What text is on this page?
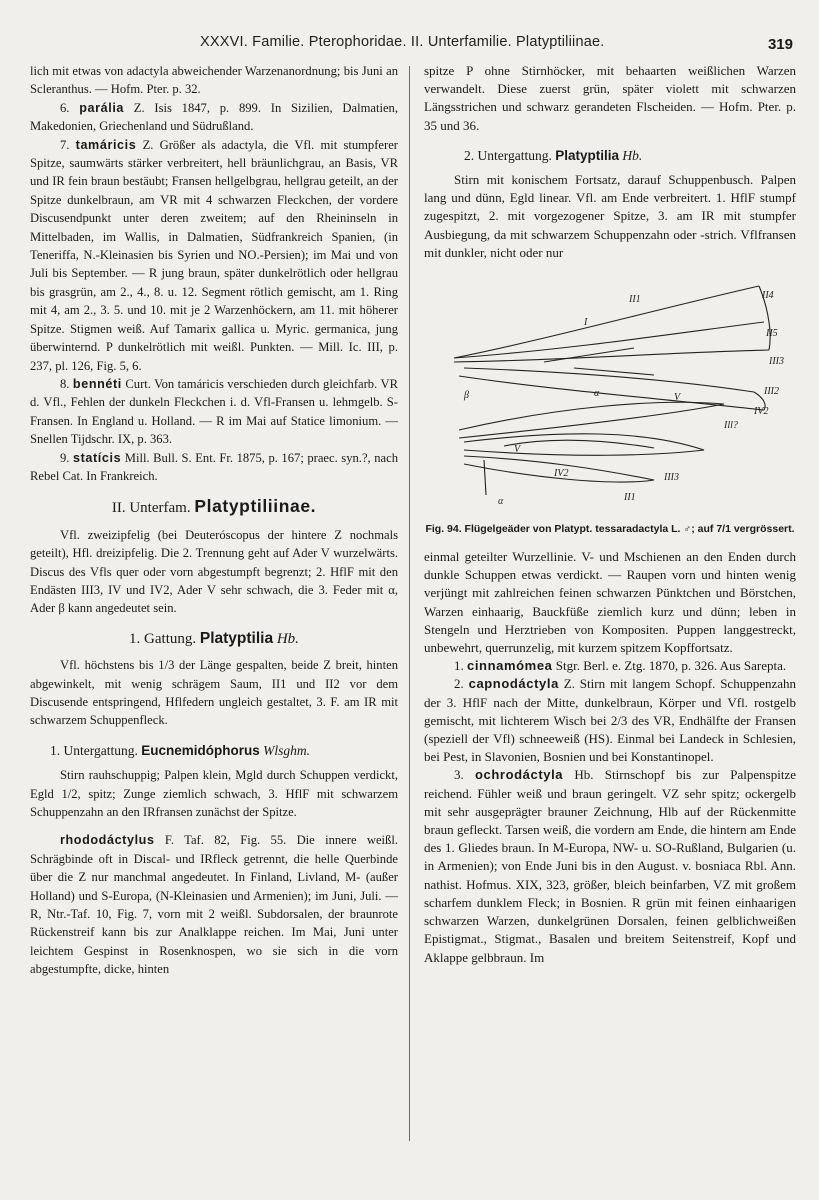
XXXVI. Familie. Pterophoridae. II. Unterfamilie. Platyptiliinae.	319

lich mit etwas von adactyla abweichender Warzenanordnung; bis Juni an Scleranthus. — Hofm. Pter. p. 32.

6. parália Z. Isis 1847, p. 899. In Sizilien, Dalmatien, Makedonien, Griechenland und Südrußland.

7. tamáricis Z. Größer als adactyla, die Vfl. mit stumpferer Spitze, saumwärts stärker verbreitert, hell bräunlichgrau, an Basis, VR und IR fein braun bestäubt; Fransen hellgelbgrau, hellgrau geteilt, an der Spitze dunkelbraun, am VR mit 4 schwarzen Fleckchen, der vordere Discusendpunkt unter deren zweitem; auf den Rheininseln in Mittelbaden, im Wallis, in Dalmatien, Südfrankreich Spanien, (in Teneriffa, N.-Kleinasien bis Syrien und NO.-Persien); im Mai und von Juli bis September. — R jung braun, später dunkelrötlich oder hellgrau bis grasgrün, am 2., 4., 8. u. 12. Segment rötlich gemischt, am 1. Ring mit 4, am 2., 3. 5. und 10. mit je 2 Warzenhöckern, am 11. mit höherer Spitze. Stigmen weiß. Auf Tamarix gallica u. Myric. germanica, jung überwinternd. P dunkelrötlich mit weißl. Punkten. — Mill. Ic. III, p. 237, pl. 126, Fig. 5, 6.

8. bennéti Curt. Von tamáricis verschieden durch gleichfarb. VR d. Vfl., Fehlen der dunkeln Fleckchen i. d. Vfl-Fransen u. lehmgelb. S-Fransen. In England u. Holland. — R im Mai auf Statice limonium. — Snellen Tijdschr. IX, p. 363.

9. statícis Mill. Bull. S. Ent. Fr. 1875, p. 167; praec. syn.?, nach Rebel Cat. In Frankreich.

II. Unterfam. Platyptiliinae.

Vfl. zweizipfelig (bei Deuteróscopus der hintere Z nochmals geteilt), Hfl. dreizipfelig. Die 2. Trennung geht auf Ader V wurzelwärts. Discus des Vfls quer oder vorn abgestumpft begrenzt; 2. HflF mit den Endästen III3, IV und IV2, Ader V sehr schwach, die 3. Feder mit α, Ader β kann angedeutet sein.

1. Gattung. Platyptilia Hb.

Vfl. höchstens bis 1/3 der Länge gespalten, beide Z breit, hinten abgewinkelt, mit wenig schrägem Saum, II1 und II2 vor dem Discusende entspringend, Hflfedern ungleich gestaltet, 3. F. am IR mit schwarzem Schuppenfleck.

1. Untergattung. Eucnemidóphorus Wlsghm.

Stirn rauhschuppig; Palpen klein, Mgld durch Schuppen verdickt, Egld 1/2, spitz; Zunge ziemlich schwach, 3. HflF mit schwarzem Schuppenzahn an den IRfransen zunächst der Spitze.

rhododáctylus F. Taf. 82, Fig. 55. Die innere weißl. Schrägbinde oft in Discal- und IRfleck getrennt, die helle Querbinde über die Z nur manchmal angedeutet. In Finland, Livland, M- (außer Holland) und S-Europa, (N-Kleinasien und Armenien); im Juni, Juli. — R, Ntr.-Taf. 10, Fig. 7, vorn mit 2 weißl. Subdorsalen, der braunrote Rückenstreif kann bis zur Analklappe reichen. Im Mai, Juni unter leichtem Gespinst in Rosenknospen, wo sie sich in die vorn abgestumpfte, dicke, hinten

spitze P ohne Stirnhöcker, mit behaarten weißlichen Warzen verwandelt. Diese zuerst grün, später violett mit schwarzen Längsstrichen und schwarz gerandeten Flscheiden. — Hofm. Pter. p. 35 und 36.

2. Untergattung. Platyptilia Hb.

Stirn mit konischem Fortsatz, darauf Schuppenbusch. Palpen lang und dünn, Egld linear. Vfl. am Ende verbreitert. 1. HflF stumpf zugespitzt, 2. mit vorgezogener Spitze, 3. am IR mit stumpfer Ausbiegung, da mit schwarzem Schuppenzahn oder -strich. Vflfransen mit dunkler, nicht oder nur

II1
I
II4
II5
III3
III2
IV2
β	α	V
Ill?
V
IV2	III3
II1
α
Fig. 94. Flügelgeäder von Platypt. tessaradactyla L. ♂; auf 7/1 vergrössert.

einmal geteilter Wurzellinie. V- und Mschienen an den Enden durch dunkle Schuppen etwas verdickt. — Raupen vorn und hinten wenig verjüngt mit zahlreichen feinen schwarzen Pünktchen und Börstchen, Warzen einhaarig, Bauckfüße ziemlich kurz und dünn; leben in Stengeln und Herztrieben von Kompositen. Puppen langgestreckt, unbewehrt, querrunzelig, mit kurzem spitzem Kopffortsatz.

1. cinnamómea Stgr. Berl. e. Ztg. 1870, p. 326. Aus Sarepta.

2. capnodáctyla Z. Stirn mit langem Schopf. Schuppenzahn der 3. HflF nach der Mitte, dunkelbraun, Körper und Vfl. rostgelb gemischt, mit lichterem Wisch bei 2/3 des VR, Endhälfte der Fransen (speziell der Vfl) schneeweiß (HS). Einmal bei Landeck in Schlesien, bei Pest, in Slavonien, Bosnien und bei Konstantinopel.

3. ochrodáctyla Hb. Stirnschopf bis zur Palpenspitze reichend. Fühler weiß und braun geringelt. VZ sehr spitz; ockergelb mit sehr ausgeprägter brauner Zeichnung, Hlb auf der Rückenmitte braun gefleckt. Tarsen weiß, die vordern am Ende, die hintern am Ende des 1. Gliedes braun. In M-Europa, NW- u. SO-Rußland, Bulgarien (u. in Armenien); von Ende Juni bis in den August. v. bosniaca Rbl. Ann. nathist. Hofmus. XIX, 323, größer, bleich beinfarben, VZ mit großem scharfem dunklem Fleck; in Bosnien. R grün mit feinen einhaarigen schwarzen Warzen, dunkelgrünen Dorsalen, feinen gelblichweißen Epistigmat., Stigmat., Basalen und breitem Seitenstreif, Kopf und Aklappe gelbbraun. Im
